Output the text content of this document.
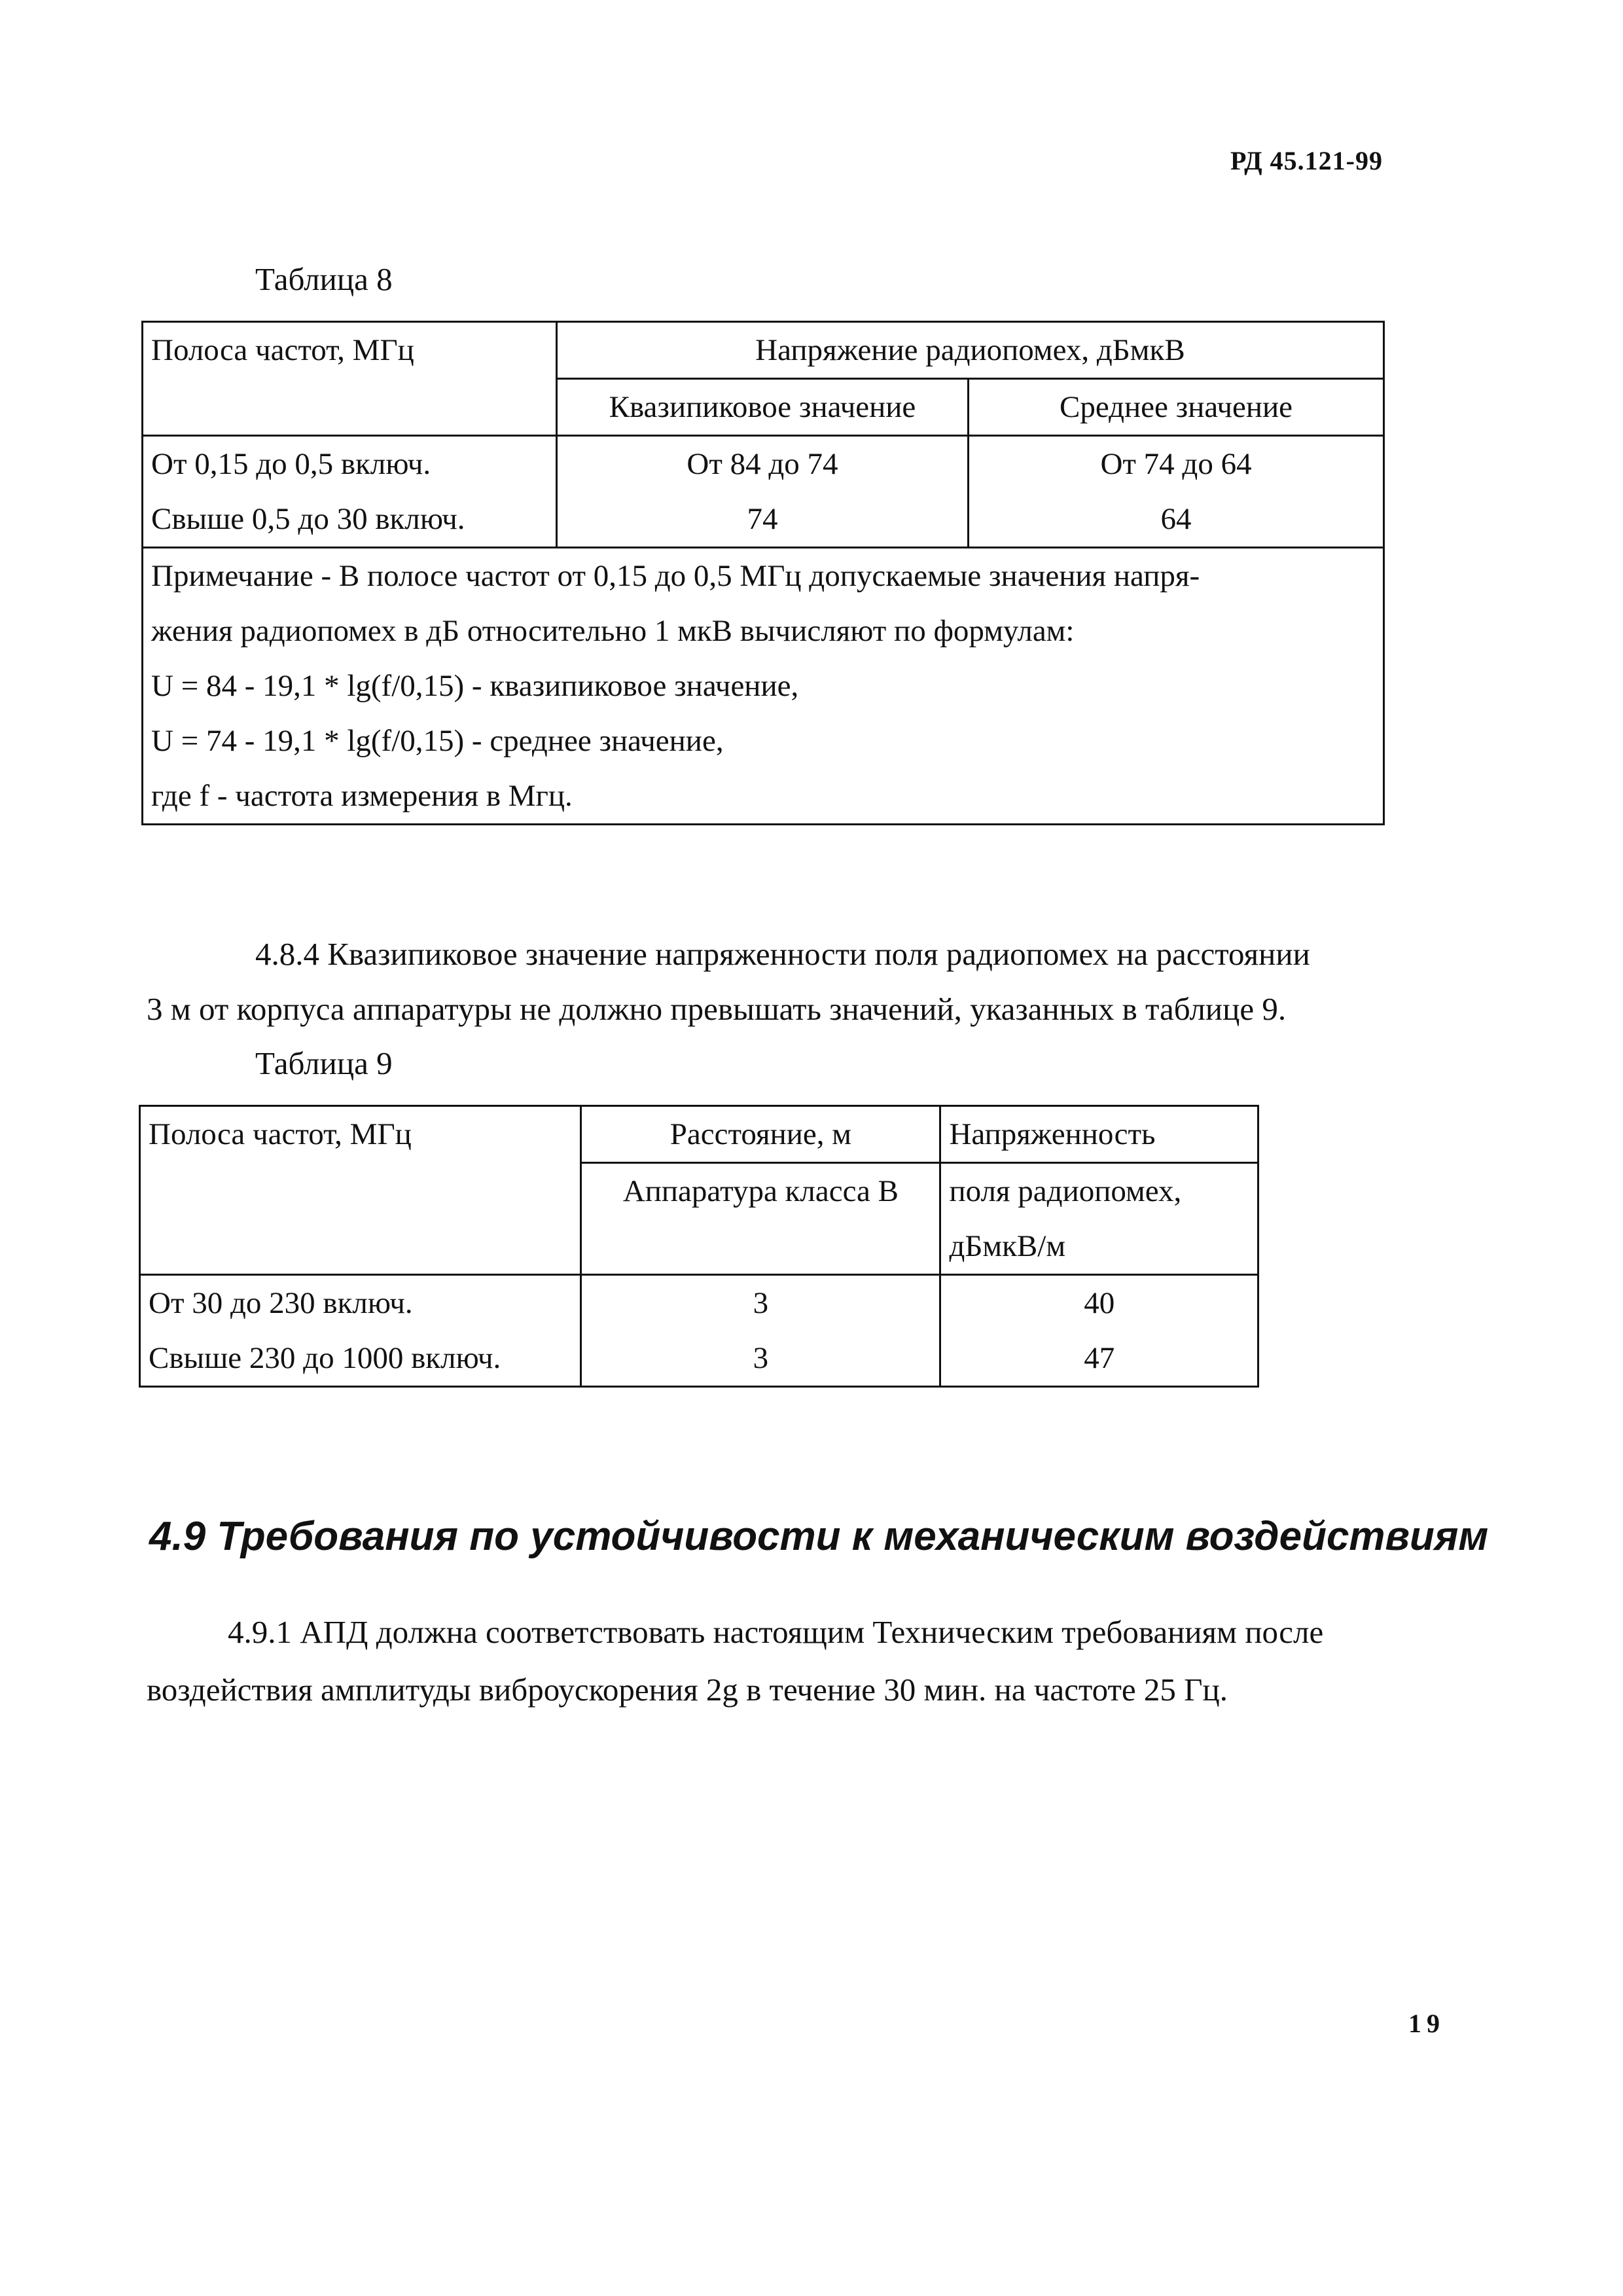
РД 45.121-99
Таблица 8
Полоса частот, МГц	Напряжение радиопомех, дБмкВ	
	Квазипиковое значение	Среднее значение
От 0,15 до 0,5 включ.	От 84 до 74	От 74 до 64
Свыше 0,5 до 30 включ.	74	64

Примечание - В полосе частот от 0,15 до 0,5 МГц допускаемые значения напря-
жения радиопомех в дБ относительно 1 мкВ вычисляют по формулам:
U = 84 - 19,1 * lg(f/0,15) - квазипиковое значение,
U = 74 - 19,1 * lg(f/0,15) - среднее значение,
где f - частота измерения в Мгц.		
4.8.4 Квазипиковое значение напряженности поля радиопомех на расстоянии
3 м от корпуса аппаратуры не должно превышать значений, указанных в таблице 9.
Таблица 9
Полоса частот, МГц	Расстояние, м	Напряженность
	Аппаратура класса В	поля радиопомех,
дБмкВ/м

От 30 до 230 включ.	3	40
Свыше 230 до 1000 включ.	3	47
4.9 Требования по устойчивости к механическим воздействиям
4.9.1 АПД должна соответствовать настоящим Техническим требованиям после
воздействия амплитуды виброускорения 2g в течение 30 мин. на частоте 25 Гц.
19
